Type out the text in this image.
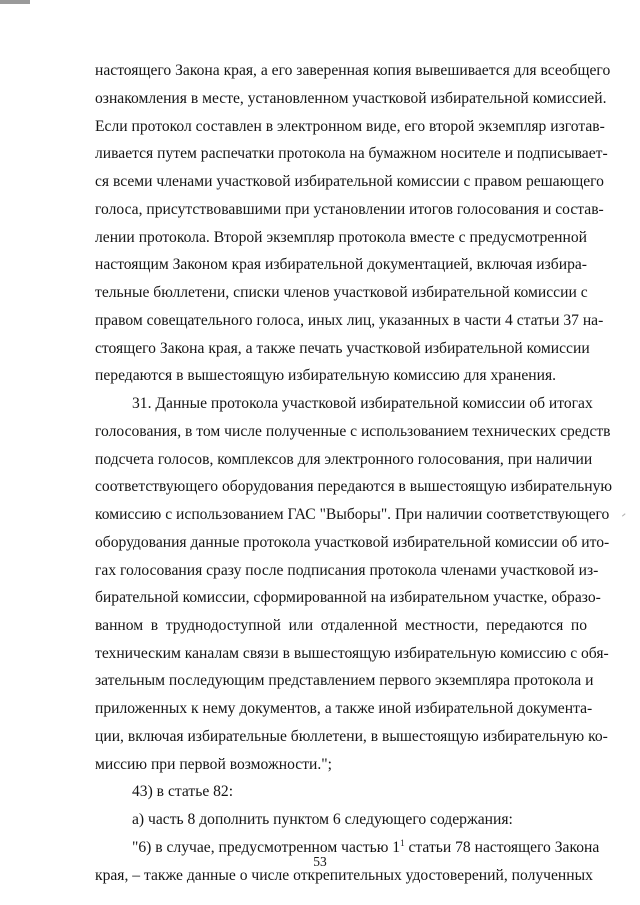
настоящего Закона края, а его заверенная копия вывешивается для всеобщего
ознакомления в месте, установленном участковой избирательной комиссией.
Если протокол составлен в электронном виде, его второй экземпляр изготав-
ливается путем распечатки протокола на бумажном носителе и подписывает-
ся всеми членами участковой избирательной комиссии с правом решающего
голоса, присутствовавшими при установлении итогов голосования и состав-
лении протокола. Второй экземпляр протокола вместе с предусмотренной
настоящим Законом края избирательной документацией, включая избира-
тельные бюллетени, списки членов участковой избирательной комиссии с
правом совещательного голоса, иных лиц, указанных в части 4 статьи 37 на-
стоящего Закона края, а также печать участковой избирательной комиссии
передаются в вышестоящую избирательную комиссию для хранения.
31. Данные протокола участковой избирательной комиссии об итогах
голосования, в том числе полученные с использованием технических средств
подсчета голосов, комплексов для электронного голосования, при наличии
соответствующего оборудования передаются в вышестоящую избирательную
комиссию с использованием ГАС "Выборы". При наличии соответствующего
оборудования данные протокола участковой избирательной комиссии об ито-
гах голосования сразу после подписания протокола членами участковой из-
бирательной комиссии, сформированной на избирательном участке, образо-
ванном в труднодоступной или отдаленной местности, передаются по
техническим каналам связи в вышестоящую избирательную комиссию с обя-
зательным последующим представлением первого экземпляра протокола и
приложенных к нему документов, а также иной избирательной документа-
ции, включая избирательные бюллетени, в вышестоящую избирательную ко-
миссию при первой возможности.";
43) в статье 82:
а) часть 8 дополнить пунктом 6 следующего содержания:
"6) в случае, предусмотренном частью $1^1$ статьи 78 настоящего Закона
края, – также данные о числе открепительных удостоверений, полученных
53
